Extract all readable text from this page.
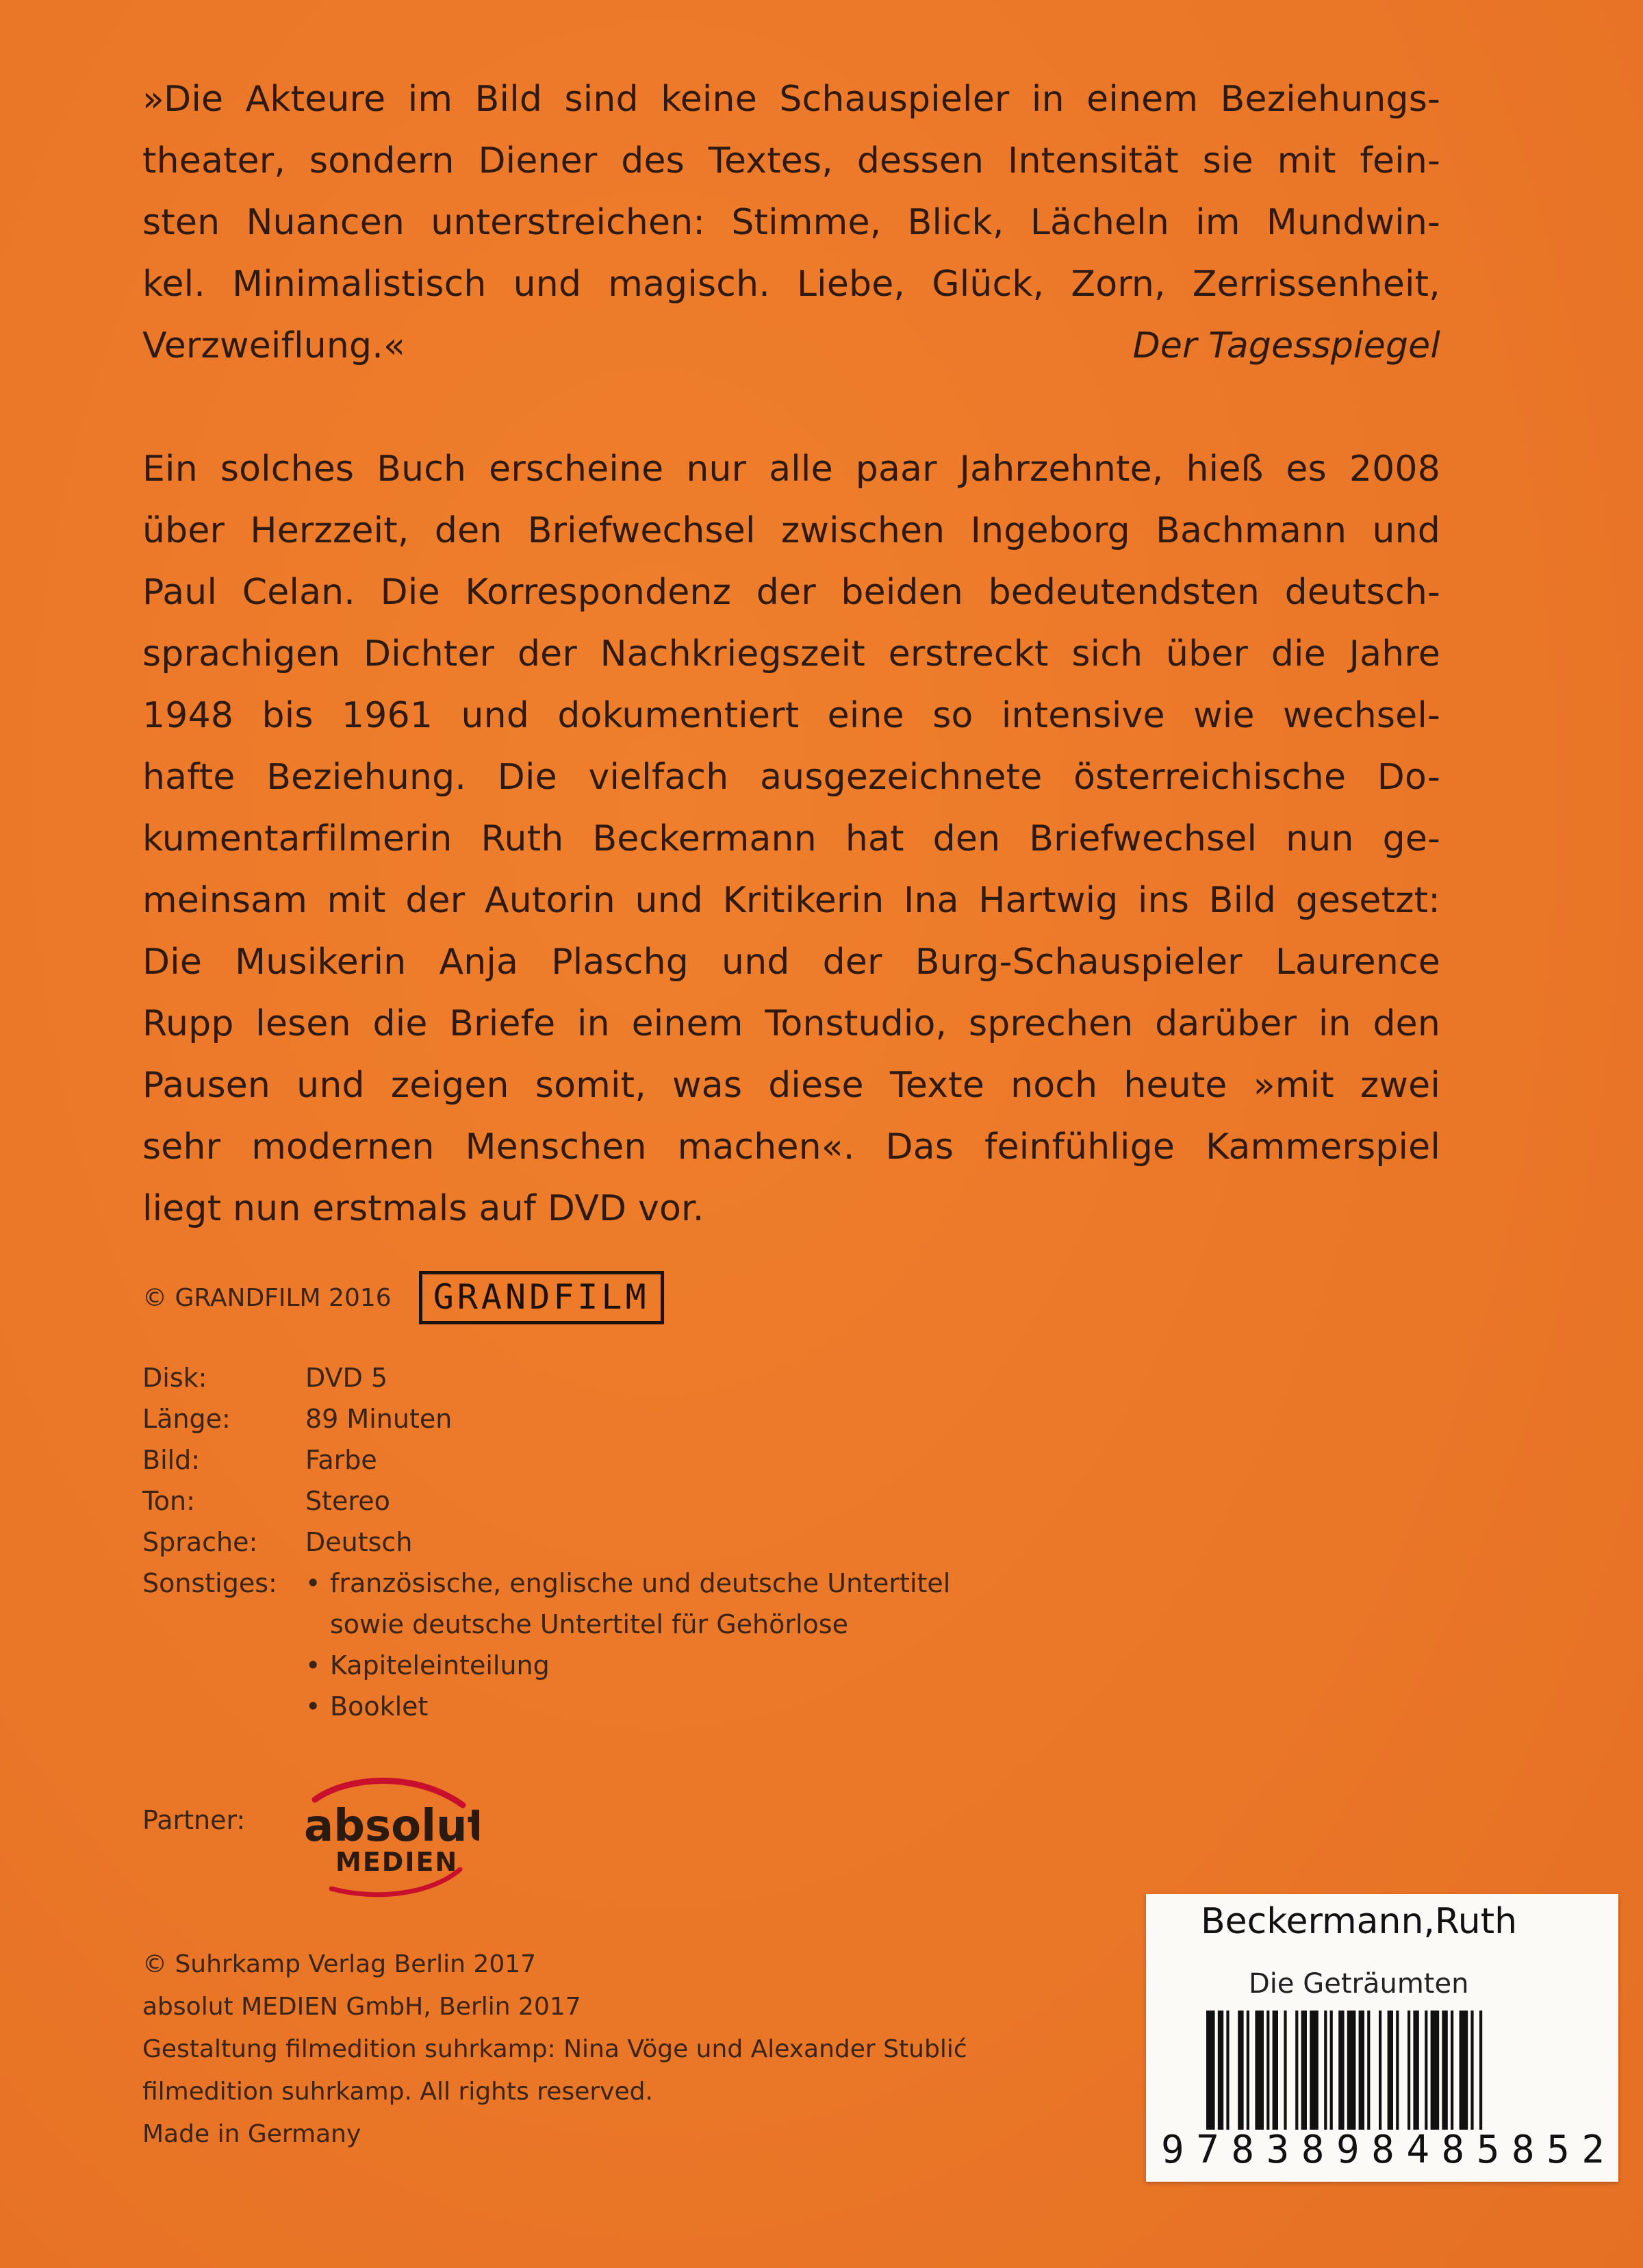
»Die Akteure im Bild sind keine Schauspieler in einem Beziehungs-
theater, sondern Diener des Textes, dessen Intensität sie mit fein-
sten Nuancen unterstreichen: Stimme, Blick, Lächeln im Mundwin-
kel. Minimalistisch und magisch. Liebe, Glück, Zorn, Zerrissenheit,
Verzweiflung.«	Der Tagesspiegel
Ein solches Buch erscheine nur alle paar Jahrzehnte, hieß es 2008
über Herzzeit, den Briefwechsel zwischen Ingeborg Bachmann und
Paul Celan. Die Korrespondenz der beiden bedeutendsten deutsch-
sprachigen Dichter der Nachkriegszeit erstreckt sich über die Jahre
1948 bis 1961 und dokumentiert eine so intensive wie wechsel-
hafte Beziehung. Die vielfach ausgezeichnete österreichische Do-
kumentarfilmerin Ruth Beckermann hat den Briefwechsel nun ge-
meinsam mit der Autorin und Kritikerin Ina Hartwig ins Bild gesetzt:
Die Musikerin Anja Plaschg und der Burg-Schauspieler Laurence
Rupp lesen die Briefe in einem Tonstudio, sprechen darüber in den
Pausen und zeigen somit, was diese Texte noch heute »mit zwei
sehr modernen Menschen machen«. Das feinfühlige Kammerspiel
liegt nun erstmals auf DVD vor.
© GRANDFILM 2016	GRANDFILM
Disk:	DVD 5
Länge:	89 Minuten
Bild:	Farbe
Ton:	Stereo
Sprache:	Deutsch
Sonstiges:	• französische, englische und deutsche Untertitel
sowie deutsche Untertitel für Gehörlose
• Kapiteleinteilung
• Booklet
Partner:	absolut
MEDIEN
© Suhrkamp Verlag Berlin 2017
absolut MEDIEN GmbH, Berlin 2017
Gestaltung filmedition suhrkamp: Nina Vöge und Alexander Stublić
filmedition suhrkamp. All rights reserved.
Made in Germany
Beckermann,Ruth
Die Geträumten
9783898485852
